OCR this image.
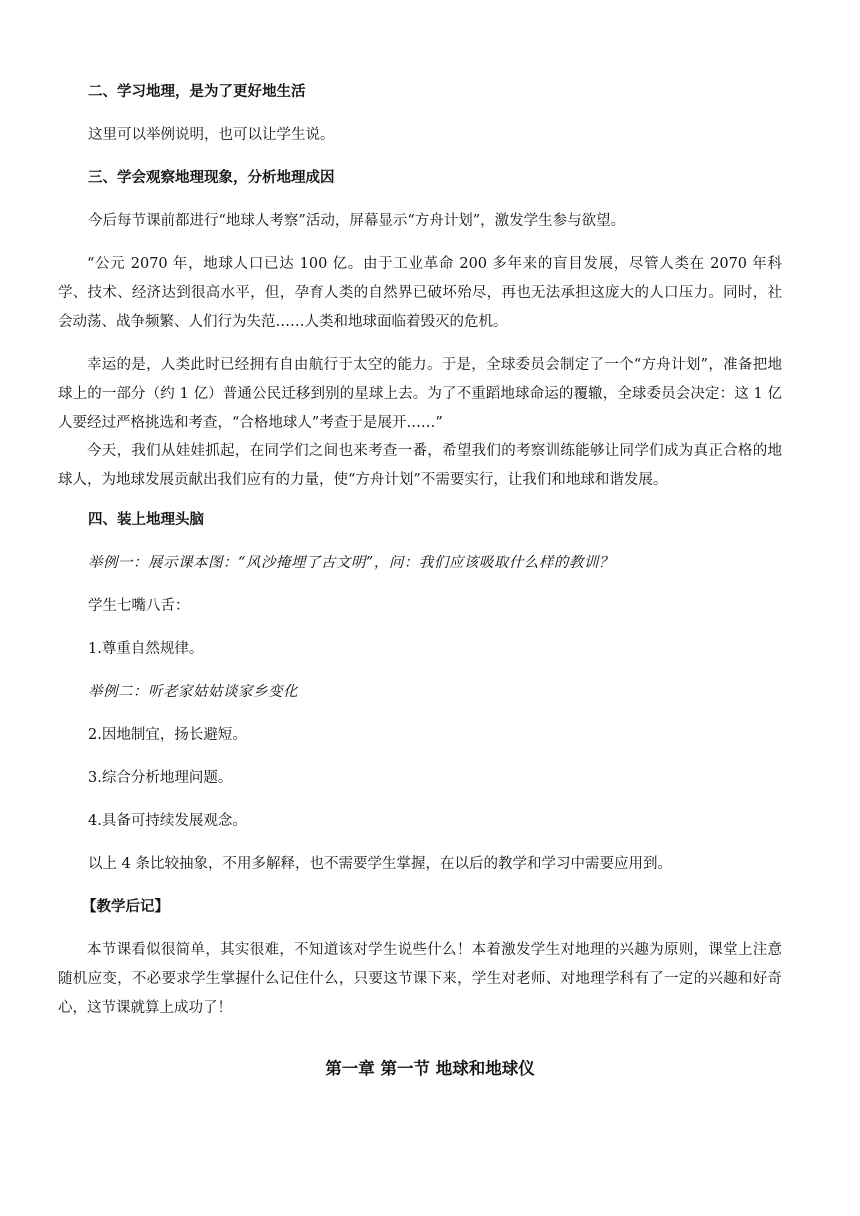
二、学习地理，是为了更好地生活

这里可以举例说明，也可以让学生说。

三、学会观察地理现象，分析地理成因

今后每节课前都进行“地球人考察”活动，屏幕显示“方舟计划”，激发学生参与欲望。

“公元 2070 年，地球人口已达 100 亿。由于工业革命 200 多年来的盲目发展，尽管人类在 2070 年科学、技术、经济达到很高水平，但，孕育人类的自然界已破坏殆尽，再也无法承担这庞大的人口压力。同时，社会动荡、战争频繁、人们行为失范……人类和地球面临着毁灭的危机。

幸运的是，人类此时已经拥有自由航行于太空的能力。于是，全球委员会制定了一个“方舟计划”，准备把地球上的一部分（约 1 亿）普通公民迁移到别的星球上去。为了不重蹈地球命运的覆辙，全球委员会决定：这 1 亿人要经过严格挑选和考查，“合格地球人”考查于是展开……”

今天，我们从娃娃抓起，在同学们之间也来考查一番，希望我们的考察训练能够让同学们成为真正合格的地球人，为地球发展贡献出我们应有的力量，使“方舟计划”不需要实行，让我们和地球和谐发展。

四、装上地理头脑

举例一：展示课本图：“风沙掩埋了古文明”，问：我们应该吸取什么样的教训？

学生七嘴八舌：

1.尊重自然规律。

举例二：听老家姑姑谈家乡变化

2.因地制宜，扬长避短。

3.综合分析地理问题。

4.具备可持续发展观念。

以上 4 条比较抽象，不用多解释，也不需要学生掌握，在以后的教学和学习中需要应用到。

【教学后记】

本节课看似很简单，其实很难，不知道该对学生说些什么！本着激发学生对地理的兴趣为原则，课堂上注意随机应变，不必要求学生掌握什么记住什么，只要这节课下来，学生对老师、对地理学科有了一定的兴趣和好奇心，这节课就算上成功了！

第一章 第一节 地球和地球仪
